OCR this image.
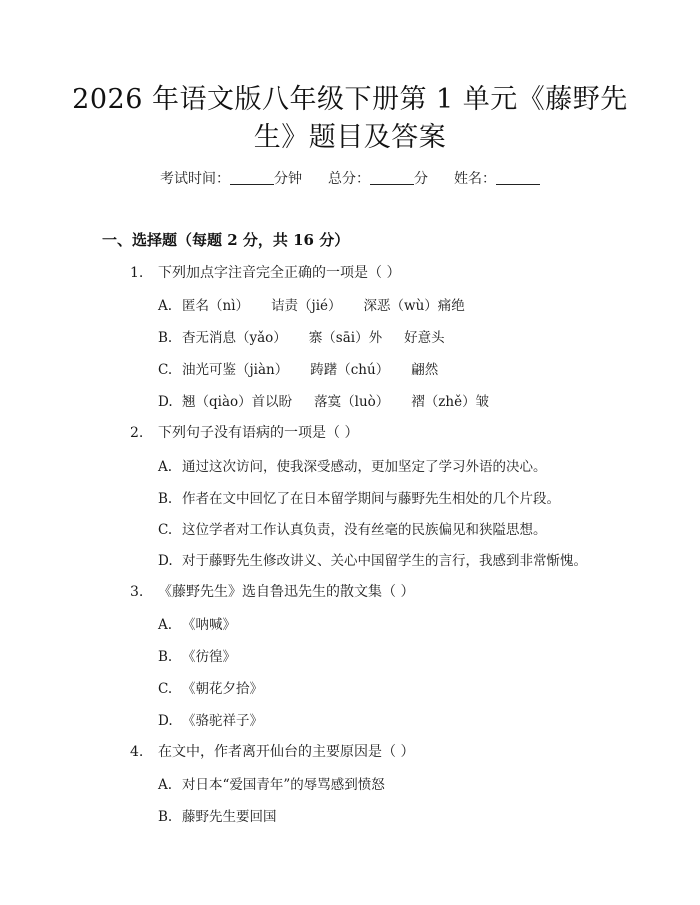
2026 年语文版八年级下册第 1 单元《藤野先
生》题目及答案
考试时间：	分钟 总分：	分 姓名：
一、选择题（每题 2 分，共 16 分）
1. 下列加点字注音完全正确的一项是（ ）
A. 匿名（nì） 诘责（jié） 深恶（wù）痛绝
B. 杳无消息（yǎo） 寨（sāi）外 好意头
C. 油光可鉴（jiàn） 踌躇（chú） 翩然
D. 翘（qiào）首以盼 落寞（luò） 褶（zhě）皱
2. 下列句子没有语病的一项是（ ）
A. 通过这次访问，使我深受感动，更加坚定了学习外语的决心。
B. 作者在文中回忆了在日本留学期间与藤野先生相处的几个片段。
C. 这位学者对工作认真负责，没有丝毫的民族偏见和狭隘思想。
D. 对于藤野先生修改讲义、关心中国留学生的言行，我感到非常惭愧。
3. 《藤野先生》选自鲁迅先生的散文集（ ）
A. 《呐喊》
B. 《彷徨》
C. 《朝花夕拾》
D. 《骆驼祥子》
4. 在文中，作者离开仙台的主要原因是（ ）
A. 对日本“爱国青年”的辱骂感到愤怒
B. 藤野先生要回国
